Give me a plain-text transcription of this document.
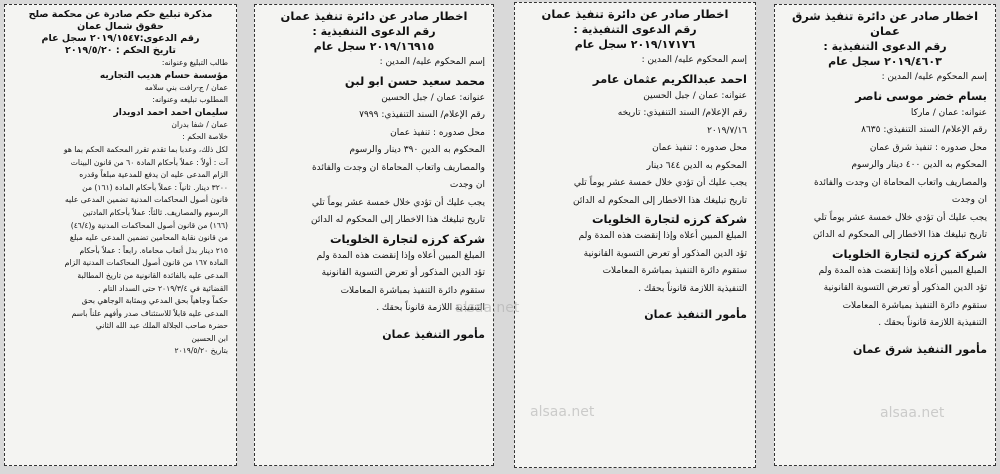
مذكرة تبليغ حكم صادرة عن محكمة صلح حقوق شمال عمان
رقم الدعوى:٢٠١٩/١٥٤٧ سجل عام
تاريخ الحكم : ٢٠١٩/٥/٢٠
طالب التبليغ وعنوانه:
مؤسسة حسام هديب التجاريه
عمان / ج-رافت بني سلامه
المطلوب تبليغه وعنوانه:
سليمان احمد احمد ادويدار
عمان / شفا بدران
خلاصة الحكم :
لكل ذلك، وعدبا بما تقدم تقرر المحكمة الحكم بما هو
آت : أولاً : عملاً بأحكام المادة ٦٠ من قانون البينات
الزام المدعى عليه ان يدفع للمدعية مبلغاً وقدره
٣٢٠٠ دينار. ثانياً : عملاً بأحكام المادة (١٦١) من
قانون أصول المحاكمات المدنية تضمين المدعى عليه
الرسوم والمصاريف. ثالثاً: عملاً بأحكام المادتين
(١٦٦) من قانون أصول المحاكمات المدنية و(٤٦/٤)
من قانون نقابة المحامين تضمين المدعى عليه مبلغ
٢١٥ دينار بدل أتعاب محاماة. رابعاً : عملاً بأحكام
المادة ١٦٧ من قانون أصول المحاكمات المدنية الزام
المدعى عليه بالفائدة القانونية من تاريخ المطالبة
القضائية في ٢٠١٩/٣/٤ حتى السداد التام .
حكماً وجاهياً بحق المدعي وبمثابة الوجاهي بحق
المدعى عليه قابلاً للاستئناف صدر وأفهم علناً باسم
حضرة صاحب الجلالة الملك عبد الله الثاني
ابن الحسين
بتاريخ ٢٠١٩/٥/٢٠
اخطار صادر عن دائرة تنفيذ عمان
رقم الدعوى التنفيذية :
٢٠١٩/١٦٩١٥ سجل عام
إسم المحكوم عليه/ المدين :
محمد سعيد حسن ابو لبن
عنوانه: عمان / جبل الحسين
رقم الإعلام/ السند التنفيذي: ٧٩٩٩
محل صدوره : تنفيذ عمان
المحكوم به الدين ٣٩٠ دينار والرسوم
والمصاريف واتعاب المحاماة ان وجدت والفائدة
ان وجدت
يجب عليك أن تؤدي خلال خمسة عشر يوماً تلي
تاريخ تبليغك هذا الاخطار إلى المحكوم له الدائن
شركة كرزه لتجارة الخلويات
المبلغ المبين أعلاه وإذا إنقضت هذه المدة ولم
تؤد الدين المذكور أو تعرض التسوية القانونية
ستقوم دائرة التنفيذ بمباشرة المعاملات
التنفيذية اللازمة قانوناً بحقك .
مأمور التنفيذ عمان
اخطار صادر عن دائرة تنفيذ عمان
رقم الدعوى التنفيذية :
٢٠١٩/١٧١٧٦ سجل عام
إسم المحكوم عليه/ المدين :
احمد عبدالكريم عثمان عامر
عنوانه: عمان / جبل الحسين
رقم الإعلام/ السند التنفيذي: تاريخه
٢٠١٩/٧/١٦
محل صدوره : تنفيذ عمان
المحكوم به الدين ٦٤٤ دينار
يجب عليك أن تؤدي خلال خمسة عشر يوماً تلي
تاريخ تبليغك هذا الاخطار إلى المحكوم له الدائن
شركة كرزه لتجارة الخلويات
المبلغ المبين أعلاه وإذا إنقضت هذه المدة ولم
تؤد الدين المذكور أو تعرض التسوية القانونية
ستقوم دائرة التنفيذ بمباشرة المعاملات
التنفيذية اللازمة قانوناً بحقك .
مأمور التنفيذ عمان
اخطار صادر عن دائرة تنفيذ شرق عمان
رقم الدعوى التنفيذية :
٢٠١٩/٤٦٠٣ سجل عام
إسم المحكوم عليه/ المدين :
بسام خضر موسى ناصر
عنوانه: عمان / ماركا
رقم الإعلام/ السند التنفيذي: ٨٦٣٥
محل صدوره : تنفيذ شرق عمان
المحكوم به الدين ٤٠٠ دينار والرسوم
والمصاريف واتعاب المحاماة ان وجدت والفائدة
ان وجدت
يجب عليك أن تؤدي خلال خمسة عشر يوماً تلي
تاريخ تبليغك هذا الاخطار إلى المحكوم له الدائن
شركة كرزه لتجارة الخلويات
المبلغ المبين أعلاه وإذا إنقضت هذه المدة ولم
تؤد الدين المذكور أو تعرض التسوية القانونية
ستقوم دائرة التنفيذ بمباشرة المعاملات
التنفيذية اللازمة قانوناً بحقك .
مأمور التنفيذ شرق عمان
alsaa.net
alsaa.net
alsaa.net
